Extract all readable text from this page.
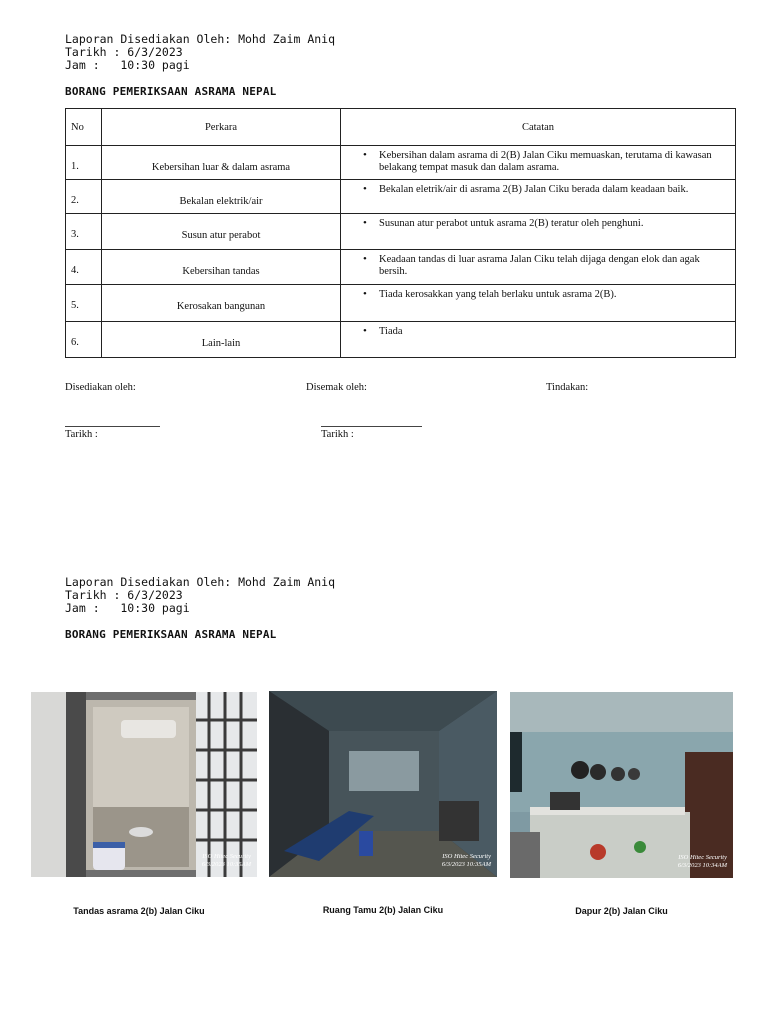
Laporan Disediakan Oleh: Mohd Zaim Aniq
Tarikh : 6/3/2023
Jam :   10:30 pagi
BORANG PEMERIKSAAN ASRAMA NEPAL
No	Perkara	Catatan
1.	Kebersihan luar & dalam asrama	• Kebersihan dalam asrama di 2(B) Jalan Ciku memuaskan, terutama di kawasan belakang tempat masuk dan dalam asrama.

2.	Bekalan elektrik/air	• Bekalan eletrik/air di asrama 2(B) Jalan Ciku berada dalam keadaan baik.

3.	Susun atur perabot	• Susunan atur perabot untuk asrama 2(B) teratur oleh penghuni.

4.	Kebersihan tandas	• Keadaan tandas di luar asrama Jalan Ciku telah dijaga dengan elok dan agak bersih.

5.	Kerosakan bangunan	• Tiada kerosakkan yang telah berlaku untuk asrama 2(B).

6.	Lain-lain	• Tiada
Disediakan oleh:	Disemak oleh:	Tindakan:
Tarikh :	Tarikh :
Laporan Disediakan Oleh: Mohd Zaim Aniq
Tarikh : 6/3/2023
Jam :   10:30 pagi
BORANG PEMERIKSAAN ASRAMA NEPAL
ISO Hitec Security
6/3/2023 10:35AM
ISO Hitec Security
6/3/2023 10:35AM
ISO Hitec Security
6/3/2023 10:34AM
Tandas asrama 2(b) Jalan Ciku	Ruang Tamu 2(b) Jalan Ciku	Dapur 2(b) Jalan Ciku
